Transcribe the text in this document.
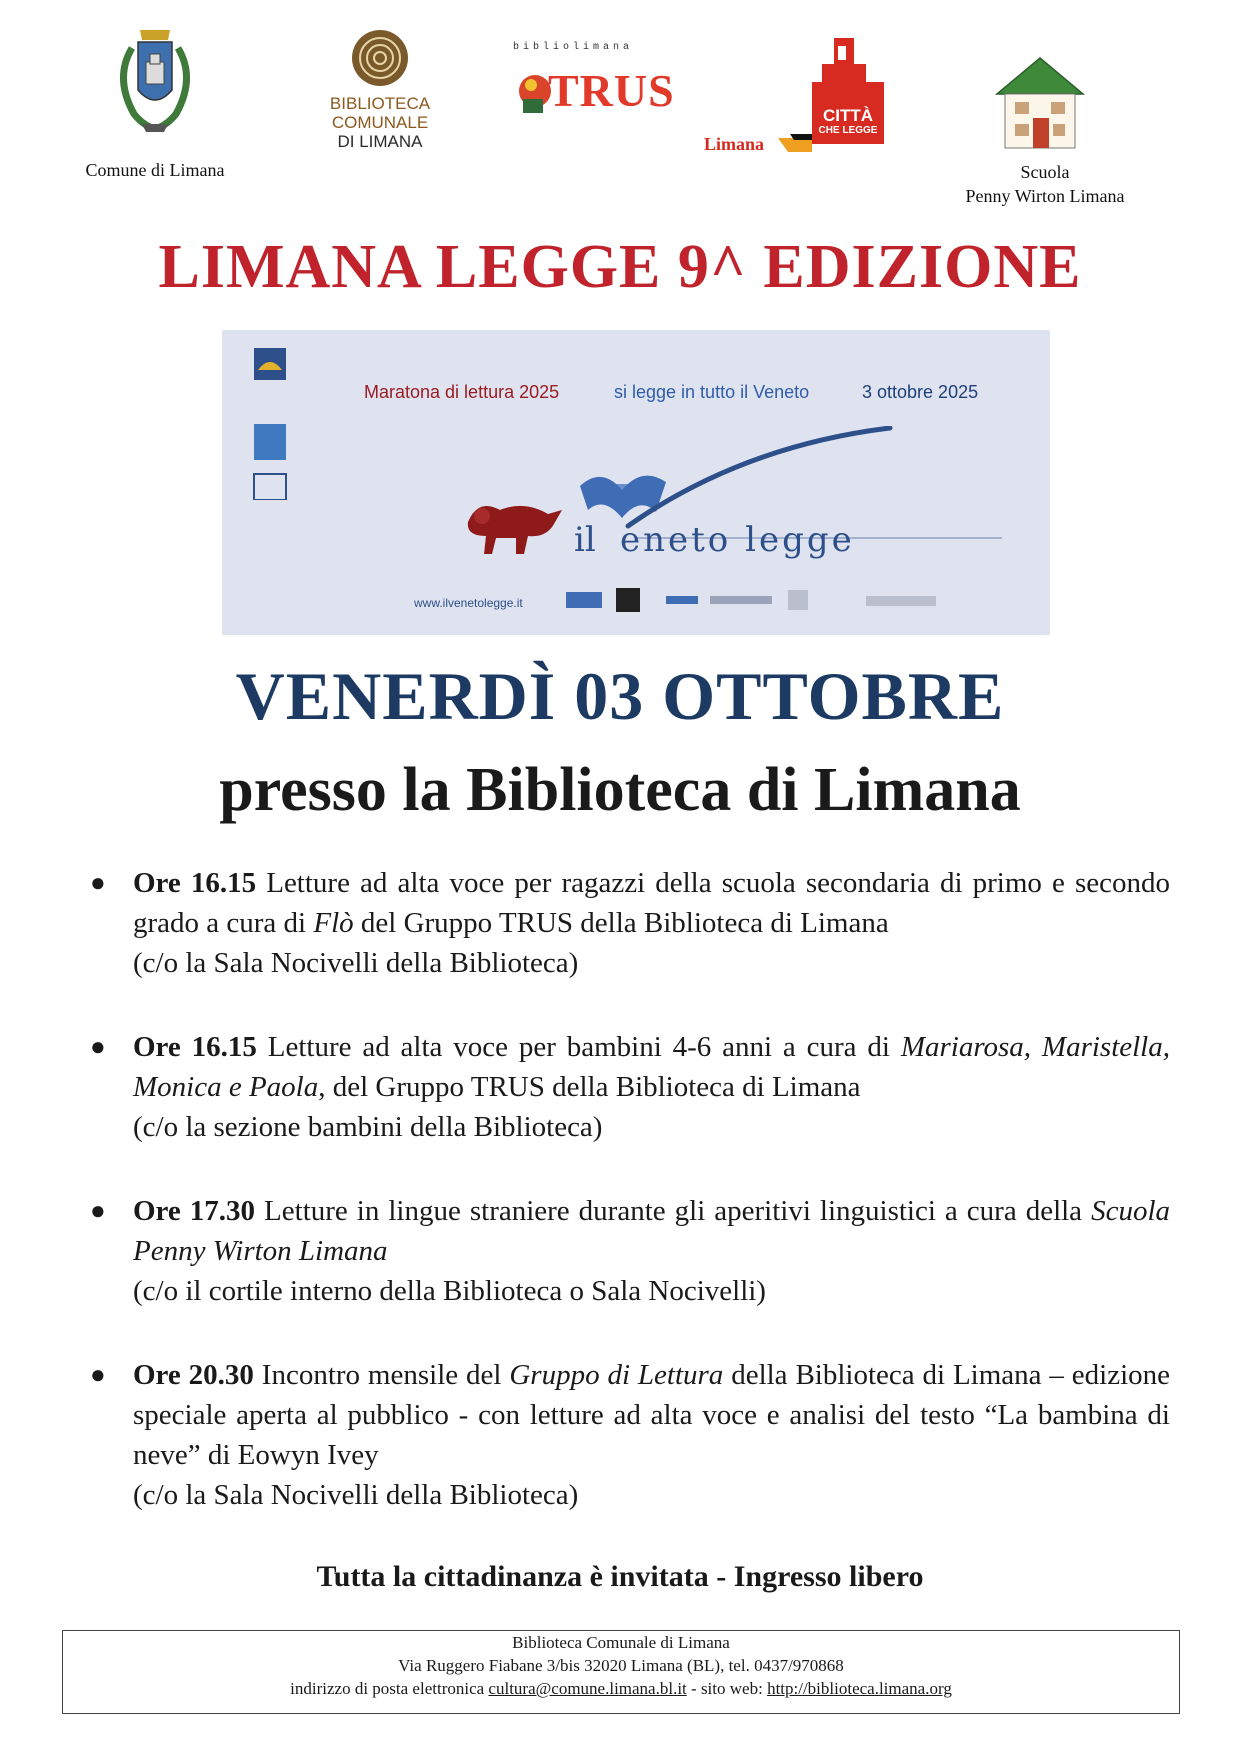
Comune di Limana
BIBLIOTECA
COMUNALE
DI LIMANA
bibliolimana
TRUS	CITTÀ
CHE LEGGE
Limana
Scuola
Penny Wirton Limana
LIMANA LEGGE 9^ EDIZIONE
Maratona di lettura 2025	si legge in tutto il Veneto	3 ottobre 2025
il eneto legge
www.ilvenetolegge.it
VENERDÌ 03 OTTOBRE
presso la Biblioteca di Limana
● Ore 16.15 Letture ad alta voce per ragazzi della scuola secondaria di primo e secondo grado a cura di Flò del Gruppo TRUS della Biblioteca di Limana
(c/o la Sala Nocivelli della Biblioteca)
● Ore 16.15 Letture ad alta voce per bambini 4-6 anni a cura di Mariarosa, Maristella, Monica e Paola, del Gruppo TRUS della Biblioteca di Limana
(c/o la sezione bambini della Biblioteca)
● Ore 17.30 Letture in lingue straniere durante gli aperitivi linguistici a cura della Scuola Penny Wirton Limana
(c/o il cortile interno della Biblioteca o Sala Nocivelli)
● Ore 20.30 Incontro mensile del Gruppo di Lettura della Biblioteca di Limana – edizione speciale aperta al pubblico - con letture ad alta voce e analisi del testo “La bambina di neve” di Eowyn Ivey
(c/o la Sala Nocivelli della Biblioteca)

Tutta la cittadinanza è invitata - Ingresso libero

Biblioteca Comunale di Limana
Via Ruggero Fiabane 3/bis 32020 Limana (BL), tel. 0437/970868
indirizzo di posta elettronica cultura@comune.limana.bl.it - sito web: http://biblioteca.limana.org
